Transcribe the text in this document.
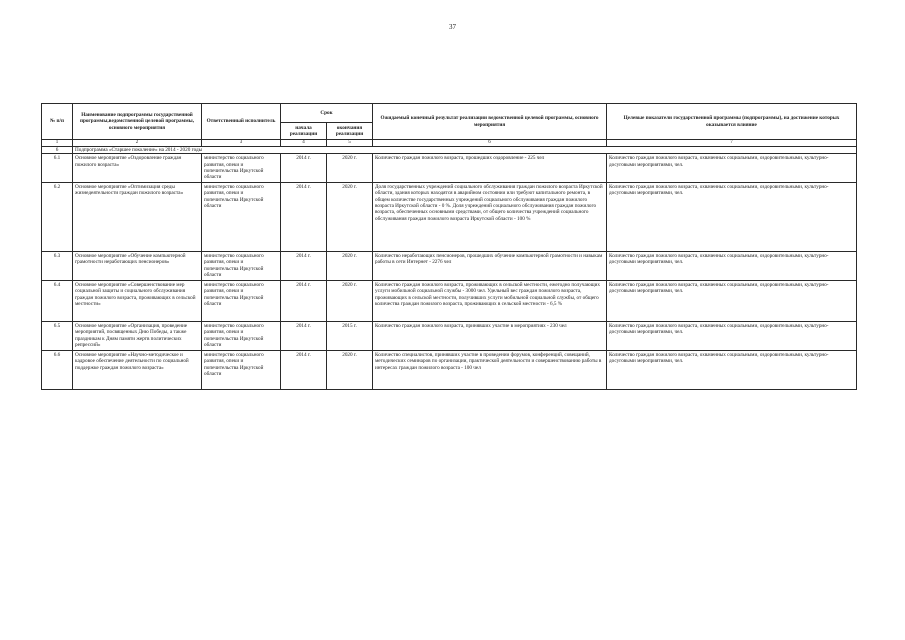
37
№ п/п	Наименование подпрограммы государственной программы,ведомственной целевой программы, основного мероприятия	Ответственный исполнитель	Срок		Ожидаемый конечный результат реализации ведомственной целевой программы, основного мероприятия	Целевые показатели государственной программы (подпрограммы), на достижение которых оказывается влияние
			начала реализации	окончания реализации		
1	2	3	4	5	6	7
6	Подпрограмма «Старшее поколение» на 2014 - 2020 годы					
6.1	Основное мероприятие «Оздоровление граждан пожилого возраста»	министерство социального развития, опеки и попечительства Иркутской области	2014 г.	2020 г.	Количество граждан пожилого возраста, прошедших оздоровление - 225 чел	Количество граждан пожилого возраста, охваченных социальными, оздоровительными, культурно-досуговыми мероприятиями, чел.
6.2	Основное мероприятие «Оптимизация среды жизнедеятельности граждан пожилого возраста»	министерство социального развития, опеки и попечительства Иркутской области	2014 г.	2020 г.	Доля государственных учреждений социального обслуживания граждан пожилого возраста Иркутской области, здания которых находятся в аварийном состоянии или требуют капитального ремонта, в общем количестве государственных учреждений социального обслуживания граждан пожилого возраста Иркутской области - 0 %. Доля учреждений социального обслуживания граждан пожилого возраста, обеспеченных основными средствами, от общего количества учреждений социального обслуживания граждан пожилого возраста Иркутской области - 100 %	Количество граждан пожилого возраста, охваченных социальными, оздоровительными, культурно-досуговыми мероприятиями, чел.
6.3	Основное мероприятие «Обучение компьютерной грамотности неработающих пенсионеров»	министерство социального развития, опеки и попечительства Иркутской области	2014 г.	2020 г.	Количество неработающих пенсионеров, прошедших обучение компьютерной грамотности и навыкам работы в сети Интернет - 2276 чел	Количество граждан пожилого возраста, охваченных социальными, оздоровительными, культурно-досуговыми мероприятиями, чел.
6.4	Основное мероприятие «Совершенствование мер социальной защиты и социального обслуживания граждан пожилого возраста, проживающих в сельской местности»	министерство социального развития, опеки и попечительства Иркутской области	2014 г.	2020 г.	Количество граждан пожилого возраста, проживающих в сельской местности, ежегодно получающих услуги мобильной социальной службы - 3000 чел. Удельный вес граждан пожилого возраста, проживающих в сельской местности, получивших услуги мобильной социальной службы, от общего количества граждан пожилого возраста, проживающих в сельской местности - 6,5 %	Количество граждан пожилого возраста, охваченных социальными, оздоровительными, культурно-досуговыми мероприятиями, чел.
6.5	Основное мероприятие «Организация, проведение мероприятий, посвященных Дню Победы, а также праздникам к Дням памяти жертв политических репрессий»	министерство социального развития, опеки и попечительства Иркутской области	2014 г.	2015 г.	Количество граждан пожилого возраста, принявших участие в мероприятиях - 230 чел	Количество граждан пожилого возраста, охваченных социальными, оздоровительными, культурно-досуговыми мероприятиями, чел.
6.6	Основное мероприятие «Научно-методическое и кадровое обеспечение деятельности по социальной поддержке граждан пожилого возраста»	министерство социального развития, опеки и попечительства Иркутской области	2014 г.	2020 г.	Количество специалистов, принявших участие в проведении форумов, конференций, совещаний, методических семинаров по организации, практической деятельности и совершенствованию работы в интересах граждан пожилого возраста - 100 чел	Количество граждан пожилого возраста, охваченных социальными, оздоровительными, культурно-досуговыми мероприятиями, чел.
